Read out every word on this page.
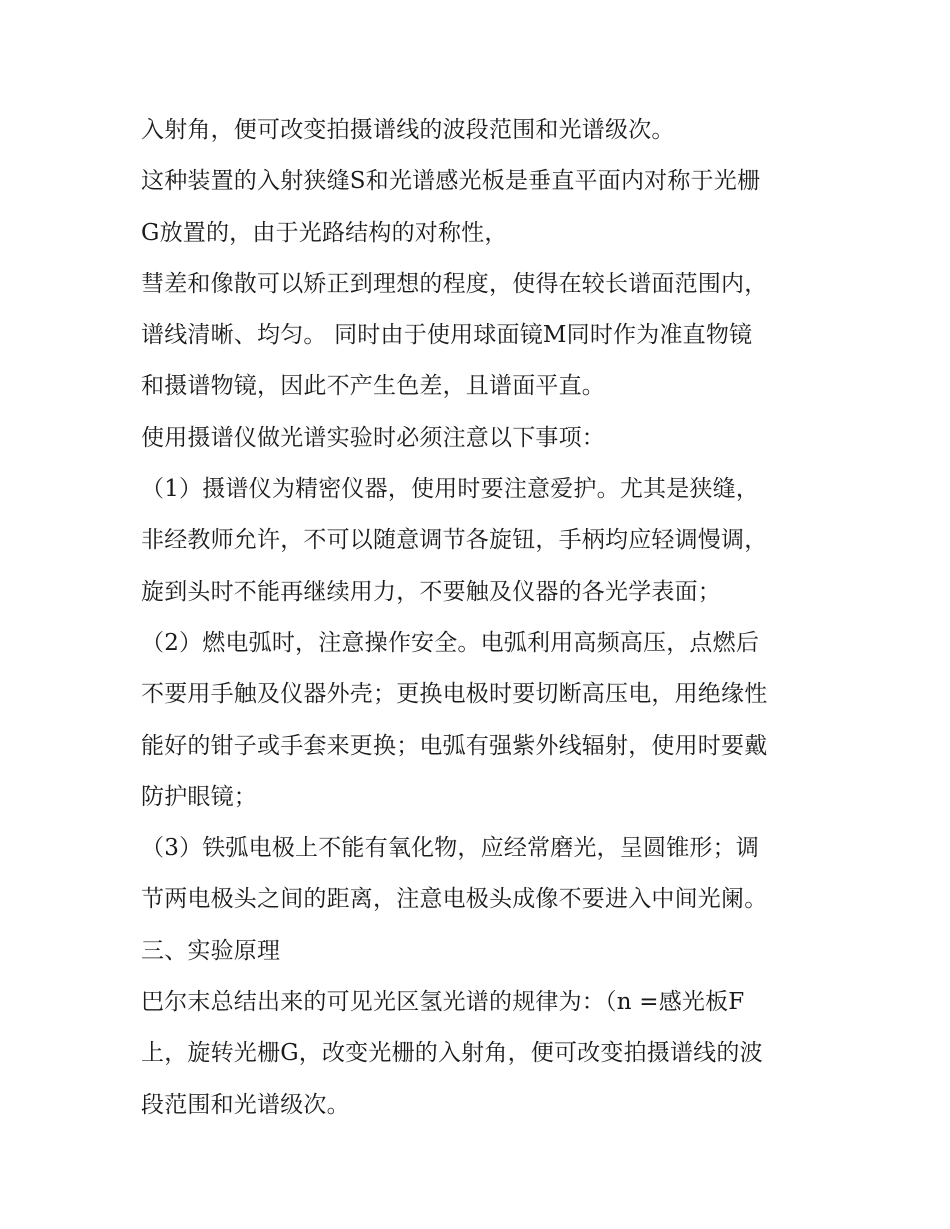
入射角，便可改变拍摄谱线的波段范围和光谱级次。
这种装置的入射狭缝S和光谱感光板是垂直平面内对称于光栅
G放置的，由于光路结构的对称性，
彗差和像散可以矫正到理想的程度，使得在较长谱面范围内，
谱线清晰、均匀。 同时由于使用球面镜M同时作为准直物镜
和摄谱物镜，因此不产生色差，且谱面平直。
使用摄谱仪做光谱实验时必须注意以下事项：
（1）摄谱仪为精密仪器，使用时要注意爱护。尤其是狭缝，
非经教师允许，不可以随意调节各旋钮，手柄均应轻调慢调，
旋到头时不能再继续用力，不要触及仪器的各光学表面；
（2）燃电弧时，注意操作安全。电弧利用高频高压，点燃后
不要用手触及仪器外壳；更换电极时要切断高压电，用绝缘性
能好的钳子或手套来更换；电弧有强紫外线辐射，使用时要戴
防护眼镜；
（3）铁弧电极上不能有氧化物，应经常磨光，呈圆锥形；调
节两电极头之间的距离，注意电极头成像不要进入中间光阑。
三、实验原理
巴尔末总结出来的可见光区氢光谱的规律为：（n =感光板F
上，旋转光栅G，改变光栅的入射角，便可改变拍摄谱线的波
段范围和光谱级次。
